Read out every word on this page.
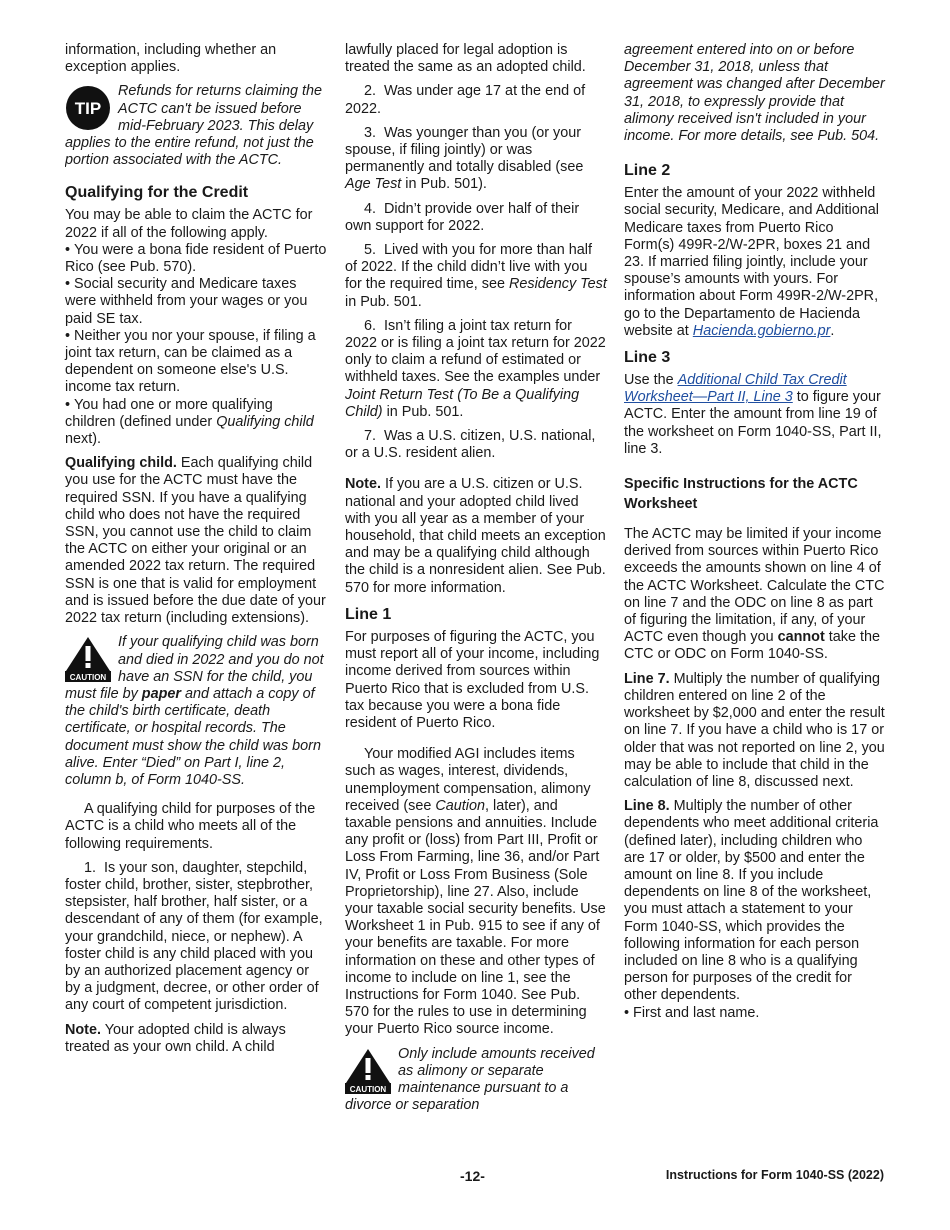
information, including whether an exception applies.

TIP

Refunds for returns claiming the ACTC can't be issued before mid-February 2023. This delay applies to the entire refund, not just the portion associated with the ACTC.

Qualifying for the Credit

You may be able to claim the ACTC for 2022 if all of the following apply.

• You were a bona fide resident of Puerto Rico (see Pub. 570).
• Social security and Medicare taxes were withheld from your wages or you paid SE tax.
• Neither you nor your spouse, if filing a joint tax return, can be claimed as a dependent on someone else's U.S. income tax return.

• You had one or more qualifying children (defined under Qualifying child next).

Qualifying child. Each qualifying child you use for the ACTC must have the required SSN. If you have a qualifying child who does not have the required SSN, you cannot use the child to claim the ACTC on either your original or an amended 2022 tax return. The required SSN is one that is valid for employment and is issued before the due date of your 2022 tax return (including extensions).

CAUTION

If your qualifying child was born and died in 2022 and you do not have an SSN for the child, you must file by paper and attach a copy of the child's birth certificate, death certificate, or hospital records. The document must show the child was born alive. Enter “Died” on Part I, line 2, column b, of Form 1040-SS.

A qualifying child for purposes of the ACTC is a child who meets all of the following requirements.

1.  Is your son, daughter, stepchild, foster child, brother, sister, stepbrother, stepsister, half brother, half sister, or a descendant of any of them (for example, your grandchild, niece, or nephew). A foster child is any child placed with you by an authorized placement agency or by a judgment, decree, or other order of any court of competent jurisdiction.

Note. Your adopted child is always treated as your own child. A child

lawfully placed for legal adoption is treated the same as an adopted child.

2.  Was under age 17 at the end of 2022.

3.  Was younger than you (or your spouse, if filing jointly) or was permanently and totally disabled (see Age Test in Pub. 501).

4.  Didn’t provide over half of their own support for 2022.

5.  Lived with you for more than half of 2022. If the child didn’t live with you for the required time, see Residency Test in Pub. 501.

6.  Isn’t filing a joint tax return for 2022 or is filing a joint tax return for 2022 only to claim a refund of estimated or withheld taxes. See the examples under Joint Return Test (To Be a Qualifying Child) in Pub. 501.

7.  Was a U.S. citizen, U.S. national, or a U.S. resident alien.

Note. If you are a U.S. citizen or U.S. national and your adopted child lived with you all year as a member of your household, that child meets an exception and may be a qualifying child although the child is a nonresident alien. See Pub. 570 for more information.

Line 1

For purposes of figuring the ACTC, you must report all of your income, including income derived from sources within Puerto Rico that is excluded from U.S. tax because you were a bona fide resident of Puerto Rico.

Your modified AGI includes items such as wages, interest, dividends, unemployment compensation, alimony received (see Caution, later), and taxable pensions and annuities. Include any profit or (loss) from Part III, Profit or Loss From Farming, line 36, and/or Part IV, Profit or Loss From Business (Sole Proprietorship), line 27. Also, include your taxable social security benefits. Use Worksheet 1 in Pub. 915 to see if any of your benefits are taxable. For more information on these and other types of income to include on line 1, see the Instructions for Form 1040. See Pub. 570 for the rules to use in determining your Puerto Rico source income.

CAUTION

Only include amounts received as alimony or separate maintenance pursuant to a divorce or separation

agreement entered into on or before December 31, 2018, unless that agreement was changed after December 31, 2018, to expressly provide that alimony received isn't included in your income. For more details, see Pub. 504.

Line 2

Enter the amount of your 2022 withheld social security, Medicare, and Additional Medicare taxes from Puerto Rico Form(s) 499R-2/W-2PR, boxes 21 and 23. If married filing jointly, include your spouse’s amounts with yours. For information about Form 499R-2/W-2PR, go to the Departamento de Hacienda website at Hacienda.gobierno.pr.

Line 3

Use the Additional Child Tax Credit Worksheet—Part II, Line 3 to figure your ACTC. Enter the amount from line 19 of the worksheet on Form 1040-SS, Part II, line 3.

Specific Instructions for the ACTC Worksheet

The ACTC may be limited if your income derived from sources within Puerto Rico exceeds the amounts shown on line 4 of the ACTC Worksheet. Calculate the CTC on line 7 and the ODC on line 8 as part of figuring the limitation, if any, of your ACTC even though you cannot take the CTC or ODC on Form 1040-SS.

Line 7. Multiply the number of qualifying children entered on line 2 of the worksheet by $2,000 and enter the result on line 7. If you have a child who is 17 or older that was not reported on line 2, you may be able to include that child in the calculation of line 8, discussed next.

Line 8. Multiply the number of other dependents who meet additional criteria (defined later), including children who are 17 or older, by $500 and enter the amount on line 8. If you include dependents on line 8 of the worksheet, you must attach a statement to your Form 1040-SS, which provides the following information for each person included on line 8 who is a qualifying person for purposes of the credit for other dependents.

• First and last name.
-12-	Instructions for Form 1040-SS (2022)
